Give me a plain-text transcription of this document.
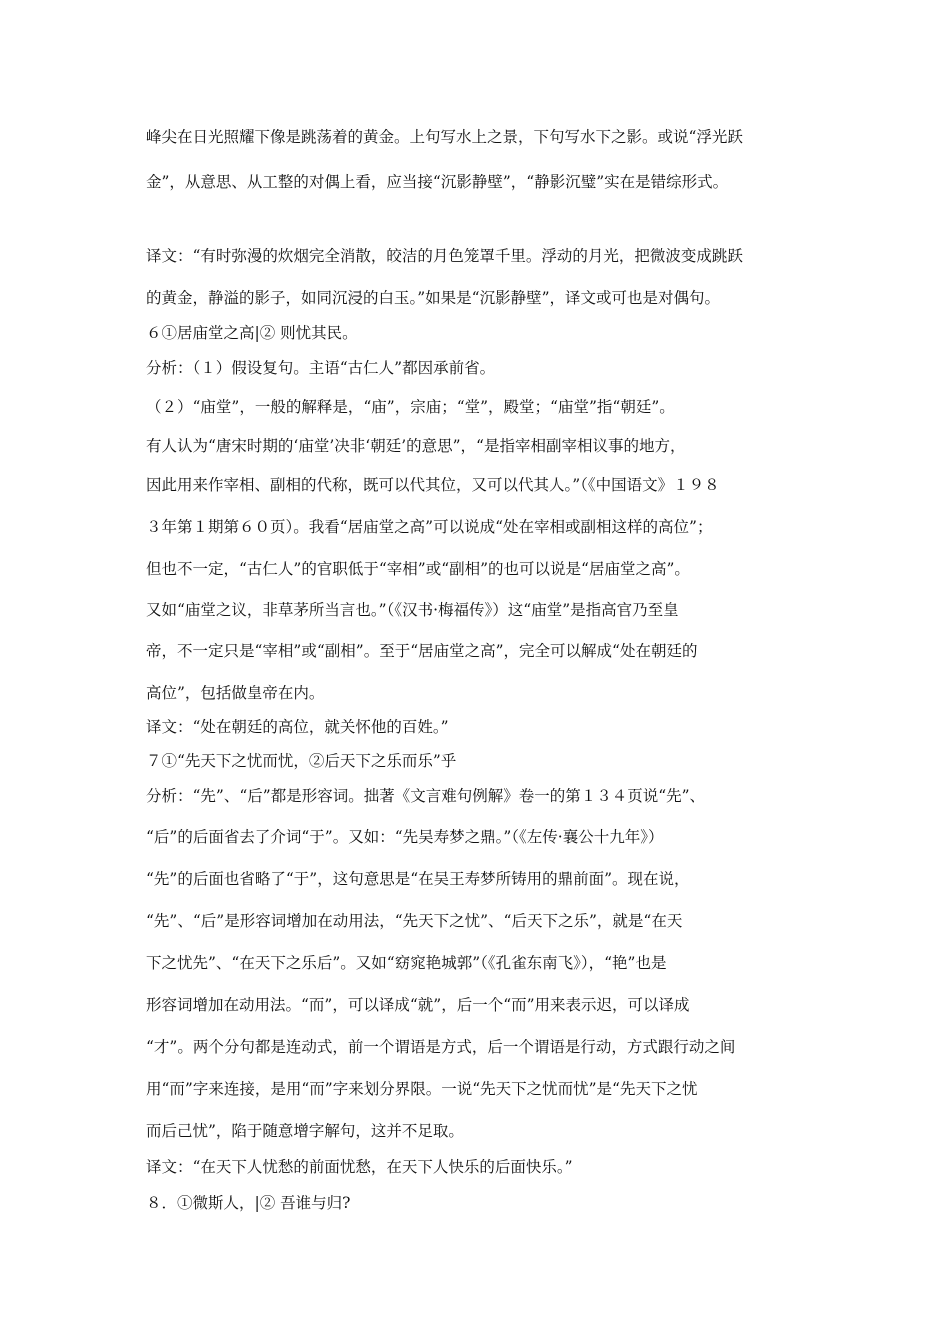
峰尖在日光照耀下像是跳荡着的黄金。上句写水上之景，下句写水下之影。或说“浮光跃
金”，从意思、从工整的对偶上看，应当接“沉影静壁”，“静影沉璧”实在是错综形式。
译文：“有时弥漫的炊烟完全消散，皎洁的月色笼罩千里。浮动的月光，把微波变成跳跃
的黄金，静溢的影子，如同沉浸的白玉。”如果是“沉影静壁”，译文或可也是对偶句。
６①居庙堂之高|② 则忧其民。
分析：（１）假设复句。主语“古仁人”都因承前省。
（２）“庙堂”，一般的解释是，“庙”，宗庙；“堂”，殿堂；“庙堂”指“朝廷”。
有人认为“唐宋时期的‘庙堂’决非‘朝廷’的意思”，“是指宰相副宰相议事的地方，
因此用来作宰相、副相的代称，既可以代其位，又可以代其人。”（《中国语文》１９８
３年第１期第６０页）。我看“居庙堂之高”可以说成“处在宰相或副相这样的高位”；
但也不一定，“古仁人”的官职低于“宰相”或“副相”的也可以说是“居庙堂之高”。
又如“庙堂之议，非草茅所当言也。”（《汉书·梅福传》）这“庙堂”是指高官乃至皇
帝，不一定只是“宰相”或“副相”。至于“居庙堂之高”，完全可以解成“处在朝廷的
高位”，包括做皇帝在内。
译文：“处在朝廷的高位，就关怀他的百姓。”
７①“先天下之忧而忧，②后天下之乐而乐”乎
分析：“先”、“后”都是形容词。拙著《文言难句例解》卷一的第１３４页说“先”、
“后”的后面省去了介词“于”。又如：“先吴寿梦之鼎。”（《左传·襄公十九年》）
“先”的后面也省略了“于”，这句意思是“在吴王寿梦所铸用的鼎前面”。现在说，
“先”、“后”是形容词增加在动用法，“先天下之忧”、“后天下之乐”，就是“在天
下之忧先”、“在天下之乐后”。又如“窈窕艳城郭”（《孔雀东南飞》），“艳”也是
形容词增加在动用法。“而”，可以译成“就”，后一个“而”用来表示迟，可以译成
“才”。两个分句都是连动式，前一个谓语是方式，后一个谓语是行动，方式跟行动之间
用“而”字来连接，是用“而”字来划分界限。一说“先天下之忧而忧”是“先天下之忧
而后己忧”，陷于随意增字解句，这并不足取。
译文：“在天下人忧愁的前面忧愁，在天下人快乐的后面快乐。”
８．①微斯人，|② 吾谁与归?
